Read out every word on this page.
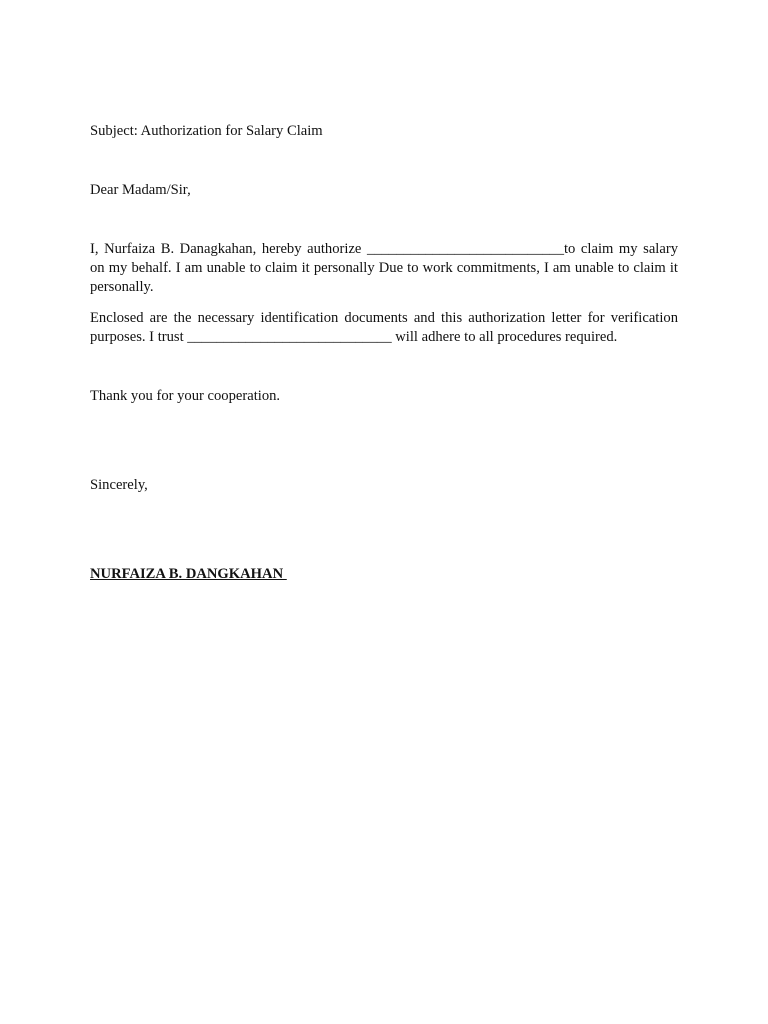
Subject: Authorization for Salary Claim
Dear Madam/Sir,

I, Nurfaiza B. Danagkahan, hereby authorize ___________________________to claim my salary on my behalf. I am unable to claim it personally Due to work commitments, I am unable to claim it personally.

Enclosed are the necessary identification documents and this authorization letter for verification purposes. I trust ____________________________ will adhere to all procedures required.

Thank you for your cooperation.
Sincerely,
NURFAIZA B. DANGKAHAN
